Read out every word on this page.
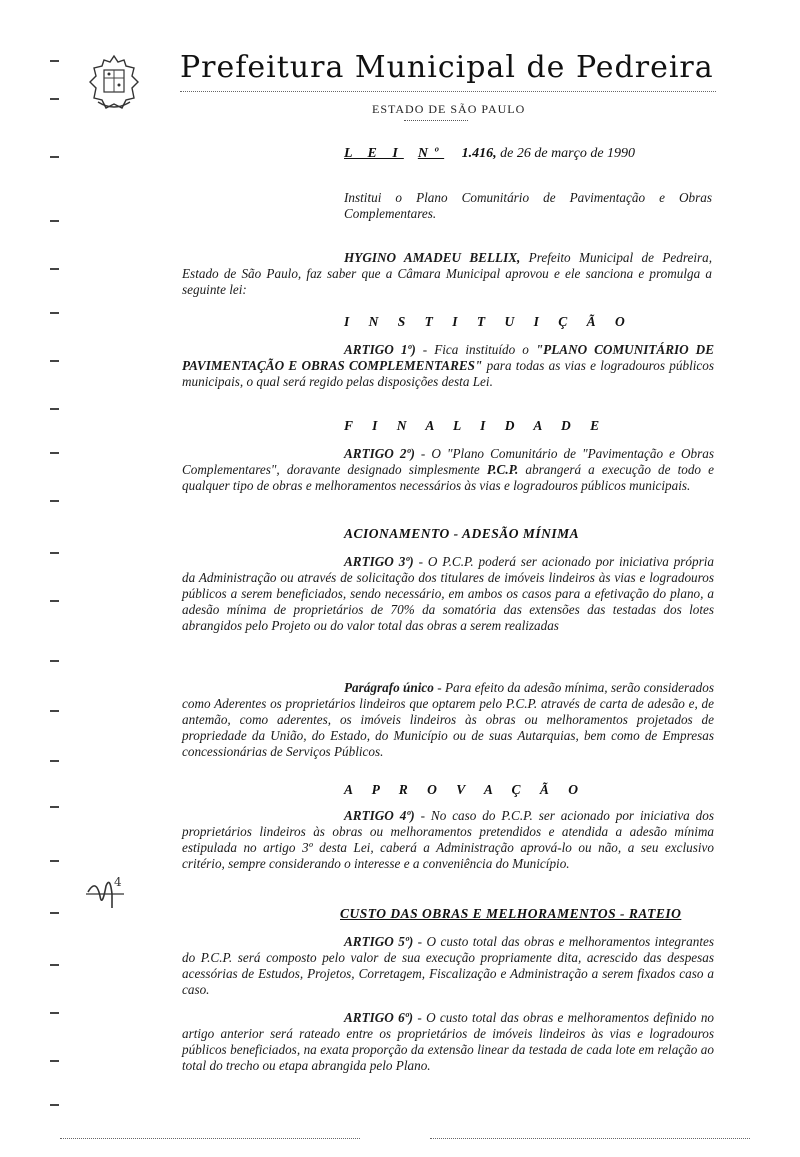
Prefeitura Municipal de Pedreira
ESTADO DE SÃO PAULO
L E I Nº 1.416, de 26 de março de 1990
Institui o Plano Comunitário de Pavimentação e Obras Complementares.
HYGINO AMADEU BELLIX, Prefeito Municipal de Pedreira, Estado de São Paulo, faz saber que a Câmara Municipal aprovou e ele sanciona e promulga a seguinte lei:
I N S T I T U I Ç Ã O
ARTIGO 1º) - Fica instituído o "PLANO COMUNITÁRIO DE PAVIMENTAÇÃO E OBRAS COMPLEMENTARES" para todas as vias e logradouros públicos municipais, o qual será regido pelas disposições desta Lei.
F I N A L I D A D E
ARTIGO 2º) - O "Plano Comunitário de "Pavimentação e Obras Complementares", doravante designado simplesmente P.C.P. abrangerá a execução de todo e qualquer tipo de obras e melhoramentos necessários às vias e logradouros públicos municipais.
ACIONAMENTO - ADESÃO MÍNIMA
ARTIGO 3º) - O P.C.P. poderá ser acionado por iniciativa própria da Administração ou através de solicitação dos titulares de imóveis lindeiros às vias e logradouros públicos a serem beneficiados, sendo necessário, em ambos os casos para a efetivação do plano, a adesão mínima de proprietários de 70% da somatória das extensões das testadas dos lotes abrangidos pelo Projeto ou do valor total das obras a serem realizadas
Parágrafo único - Para efeito da adesão mínima, serão considerados como Aderentes os proprietários lindeiros que optarem pelo P.C.P. através de carta de adesão e, de antemão, como aderentes, os imóveis lindeiros às obras ou melhoramentos projetados de propriedade da União, do Estado, do Município ou de suas Autarquias, bem como de Empresas concessionárias de Serviços Públicos.
A P R O V A Ç Ã O
ARTIGO 4º) - No caso do P.C.P. ser acionado por iniciativa dos proprietários lindeiros às obras ou melhoramentos pretendidos e atendida a adesão mínima estipulada no artigo 3º desta Lei, caberá a Administração aprová-lo ou não, a seu exclusivo critério, sempre considerando o interesse e a conveniência do Município.
4
CUSTO DAS OBRAS E MELHORAMENTOS - RATEIO
ARTIGO 5º) - O custo total das obras e melhoramentos integrantes do P.C.P. será composto pelo valor de sua execução propriamente dita, acrescido das despesas acessórias de Estudos, Projetos, Corretagem, Fiscalização e Administração a serem fixados caso a caso.
ARTIGO 6º) - O custo total das obras e melhoramentos definido no artigo anterior será rateado entre os proprietários de imóveis lindeiros às vias e logradouros públicos beneficiados, na exata proporção da extensão linear da testada de cada lote em relação ao total do trecho ou etapa abrangida pelo Plano.
